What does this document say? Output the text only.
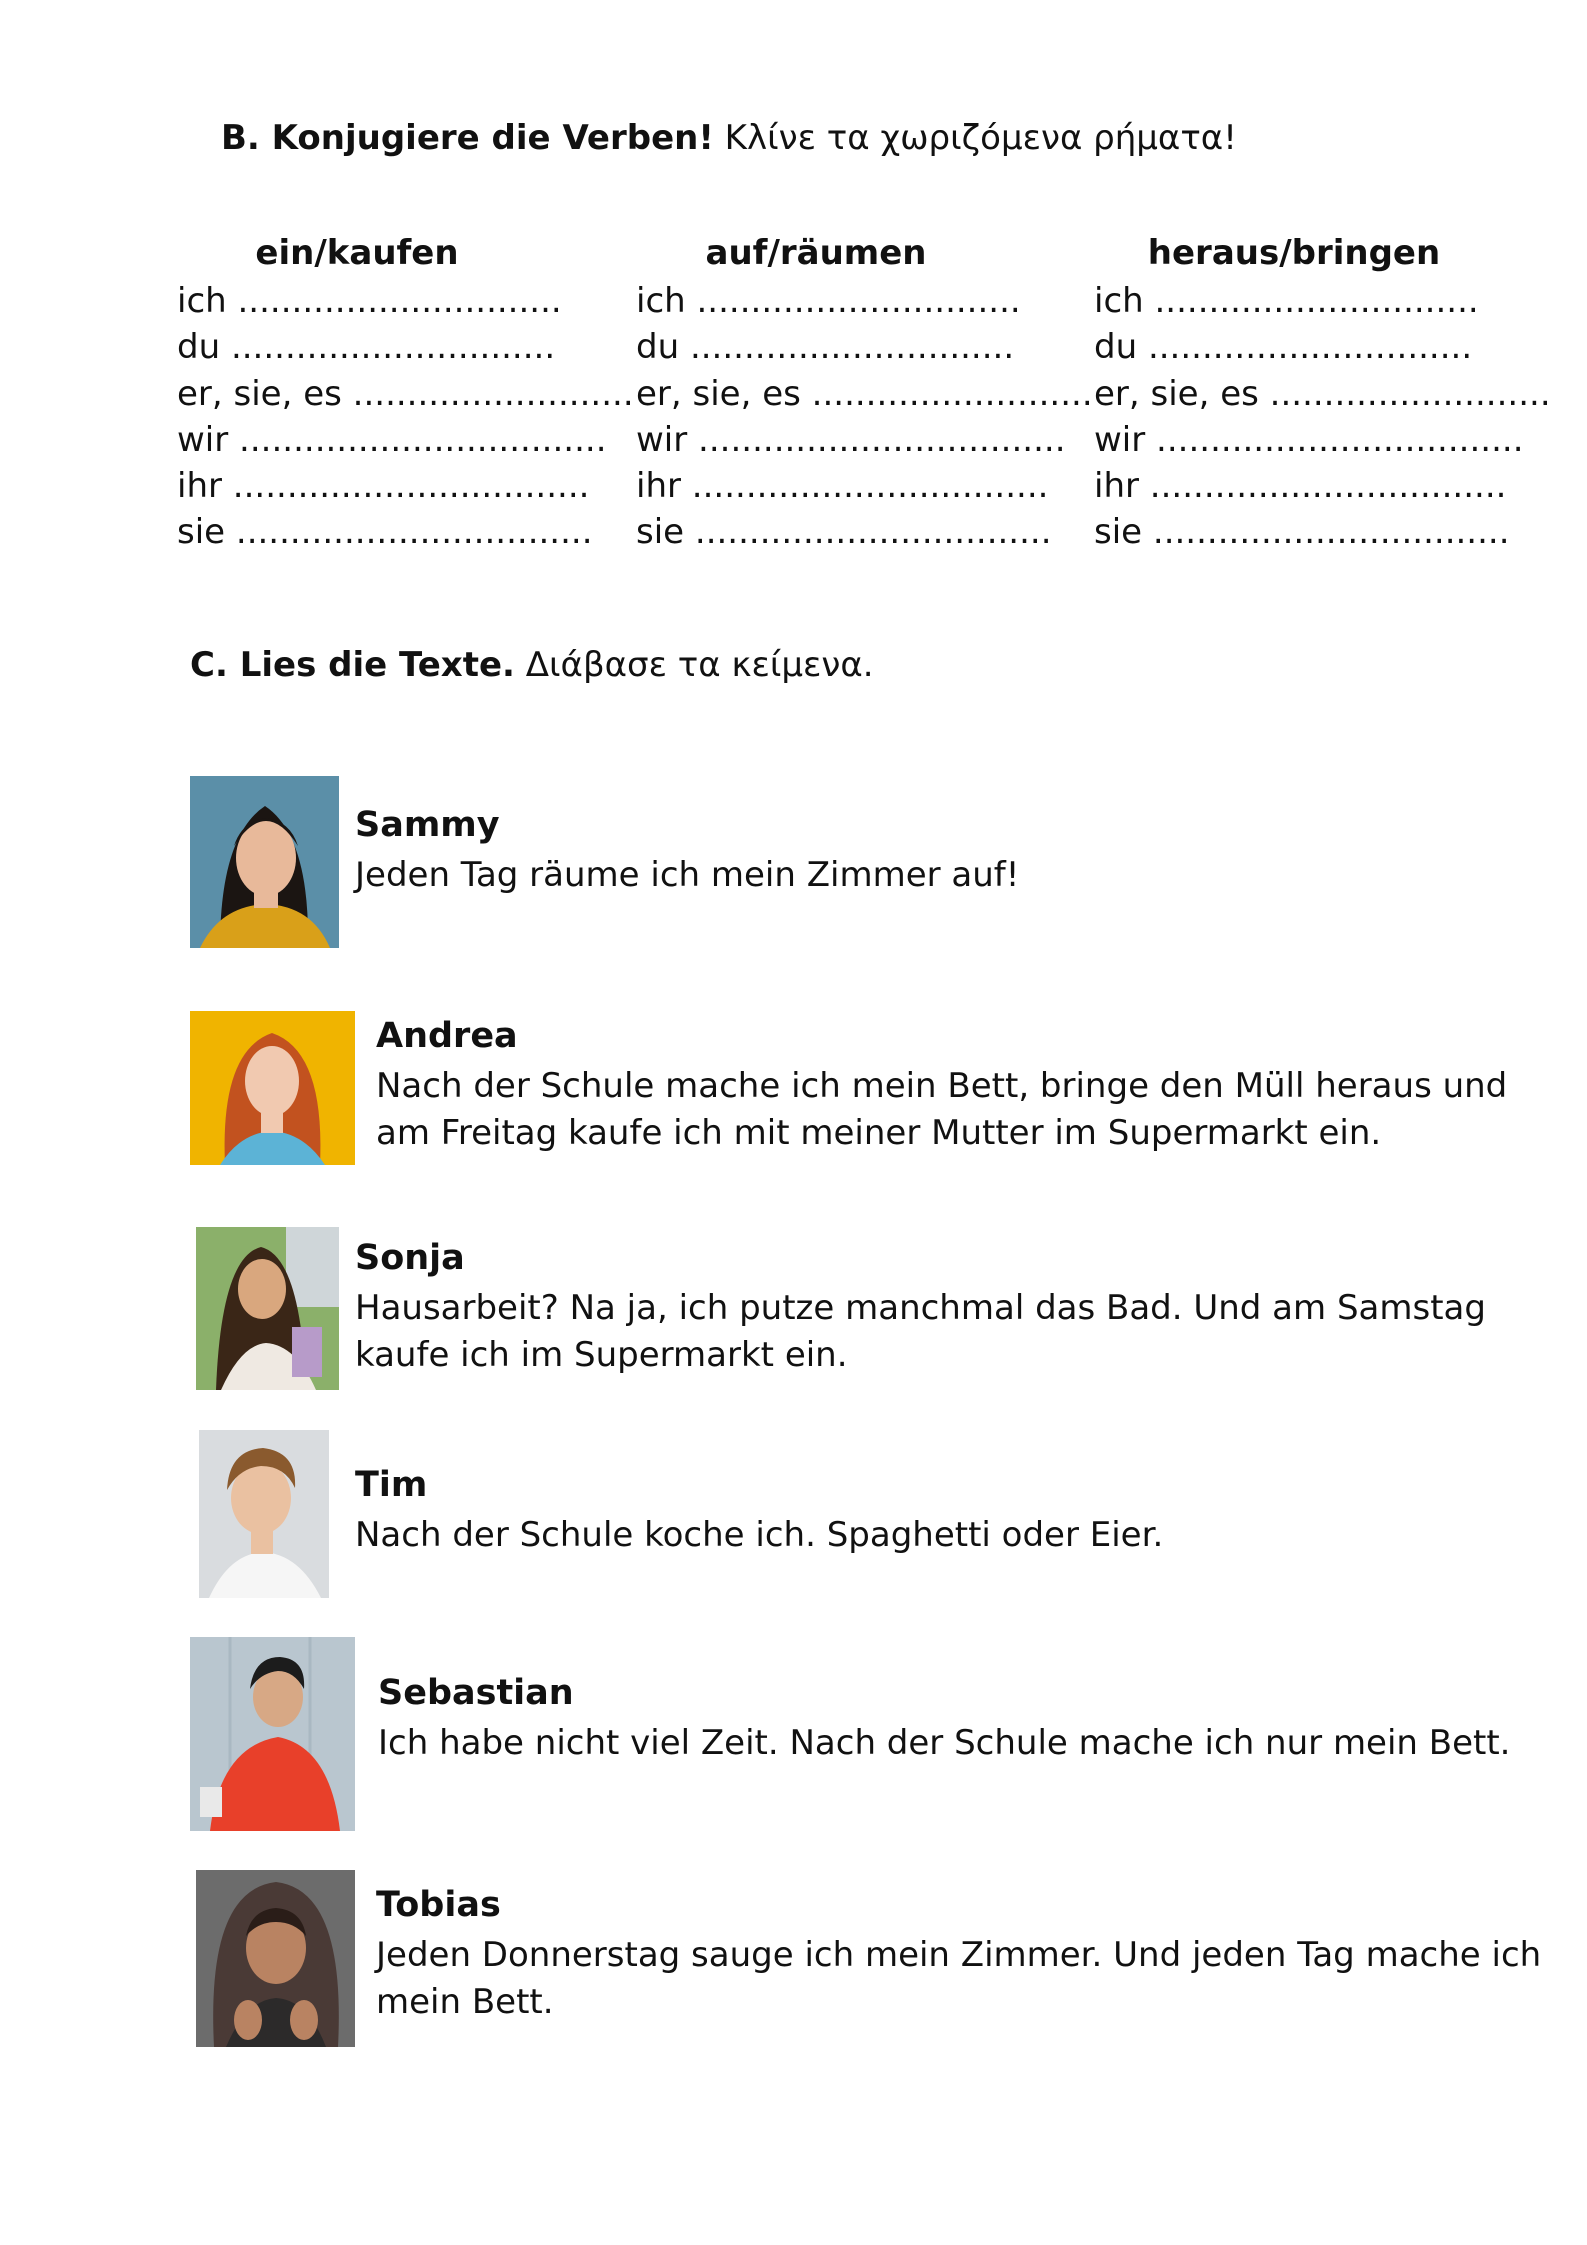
B. Konjugiere die Verben! Κλίνε τα χωριζόμενα ρήματα!
ein/kaufen
ich ..............................
du ..............................
er, sie, es ..........................
wir ..................................
ihr .................................
sie .................................
auf/räumen
ich ..............................
du ..............................
er, sie, es ..........................
wir ..................................
ihr .................................
sie .................................
heraus/bringen
ich ..............................
du ..............................
er, sie, es ..........................
wir ..................................
ihr .................................
sie .................................
C. Lies die Texte. Διάβασε τα κείμενα.
Sammy
Jeden Tag räume ich mein Zimmer auf!
Andrea
Nach der Schule mache ich mein Bett, bringe den Müll heraus und am Freitag kaufe ich mit meiner Mutter im Supermarkt ein.
Sonja
Hausarbeit? Na ja, ich putze manchmal das Bad. Und am Samstag kaufe ich im Supermarkt ein.
Tim
Nach der Schule koche ich. Spaghetti oder Eier.
Sebastian
Ich habe nicht viel Zeit. Nach der Schule mache ich nur mein Bett.
Tobias
Jeden Donnerstag sauge ich mein Zimmer. Und jeden Tag mache ich mein Bett.
